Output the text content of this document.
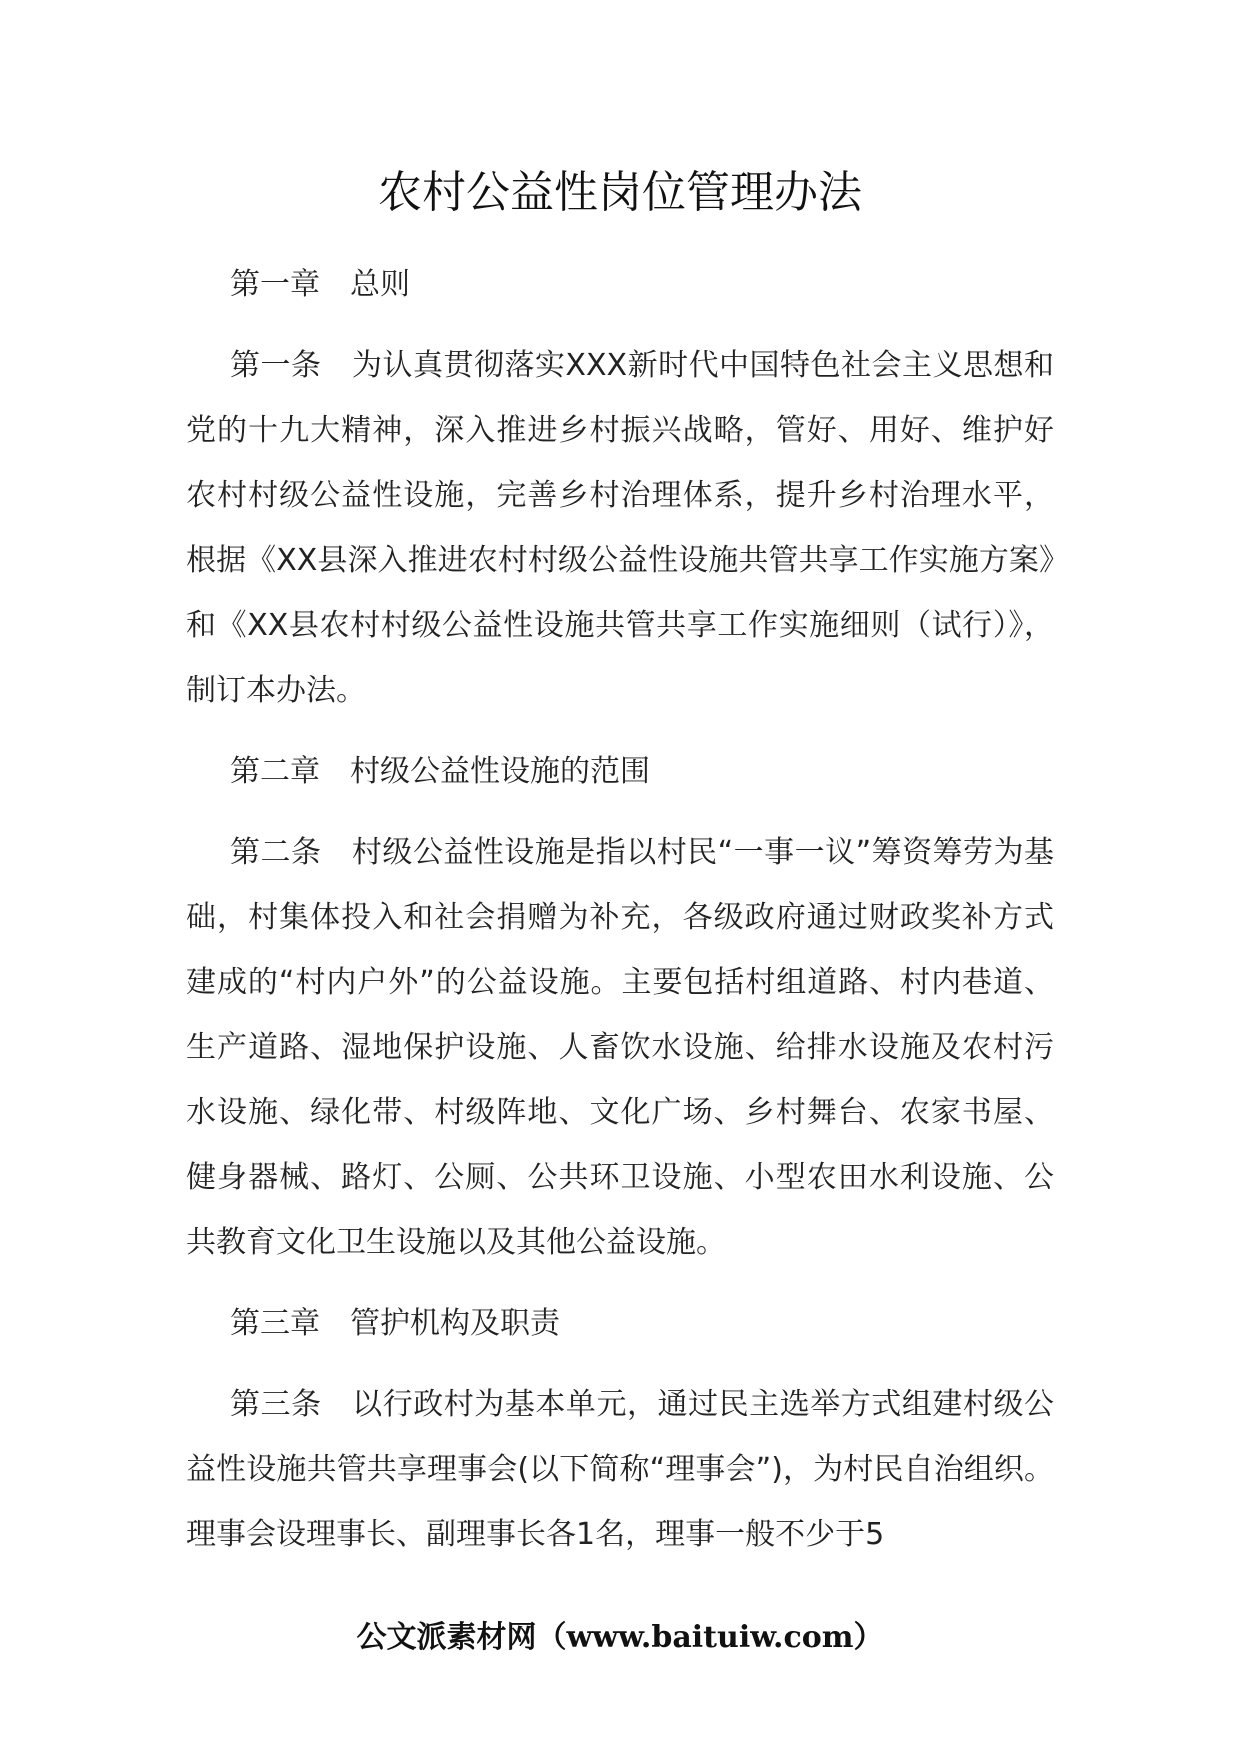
农村公益性岗位管理办法

第一章　总则

第一条　为认真贯彻落实XXX新时代中国特色社会主义思想和党的十九大精神，深入推进乡村振兴战略，管好、用好、维护好农村村级公益性设施，完善乡村治理体系，提升乡村治理水平，根据《XX县深入推进农村村级公益性设施共管共享工作实施方案》和《XX县农村村级公益性设施共管共享工作实施细则（试行）》，制订本办法。

第二章　村级公益性设施的范围

第二条　村级公益性设施是指以村民“一事一议”筹资筹劳为基础，村集体投入和社会捐赠为补充，各级政府通过财政奖补方式建成的“村内户外”的公益设施。主要包括村组道路、村内巷道、生产道路、湿地保护设施、人畜饮水设施、给排水设施及农村污水设施、绿化带、村级阵地、文化广场、乡村舞台、农家书屋、健身器械、路灯、公厕、公共环卫设施、小型农田水利设施、公共教育文化卫生设施以及其他公益设施。

第三章　管护机构及职责

第三条　以行政村为基本单元，通过民主选举方式组建村级公益性设施共管共享理事会(以下简称“理事会”)，为村民自治组织。理事会设理事长、副理事长各1名，理事一般不少于5

公文派素材网（www.baituiw.com）
